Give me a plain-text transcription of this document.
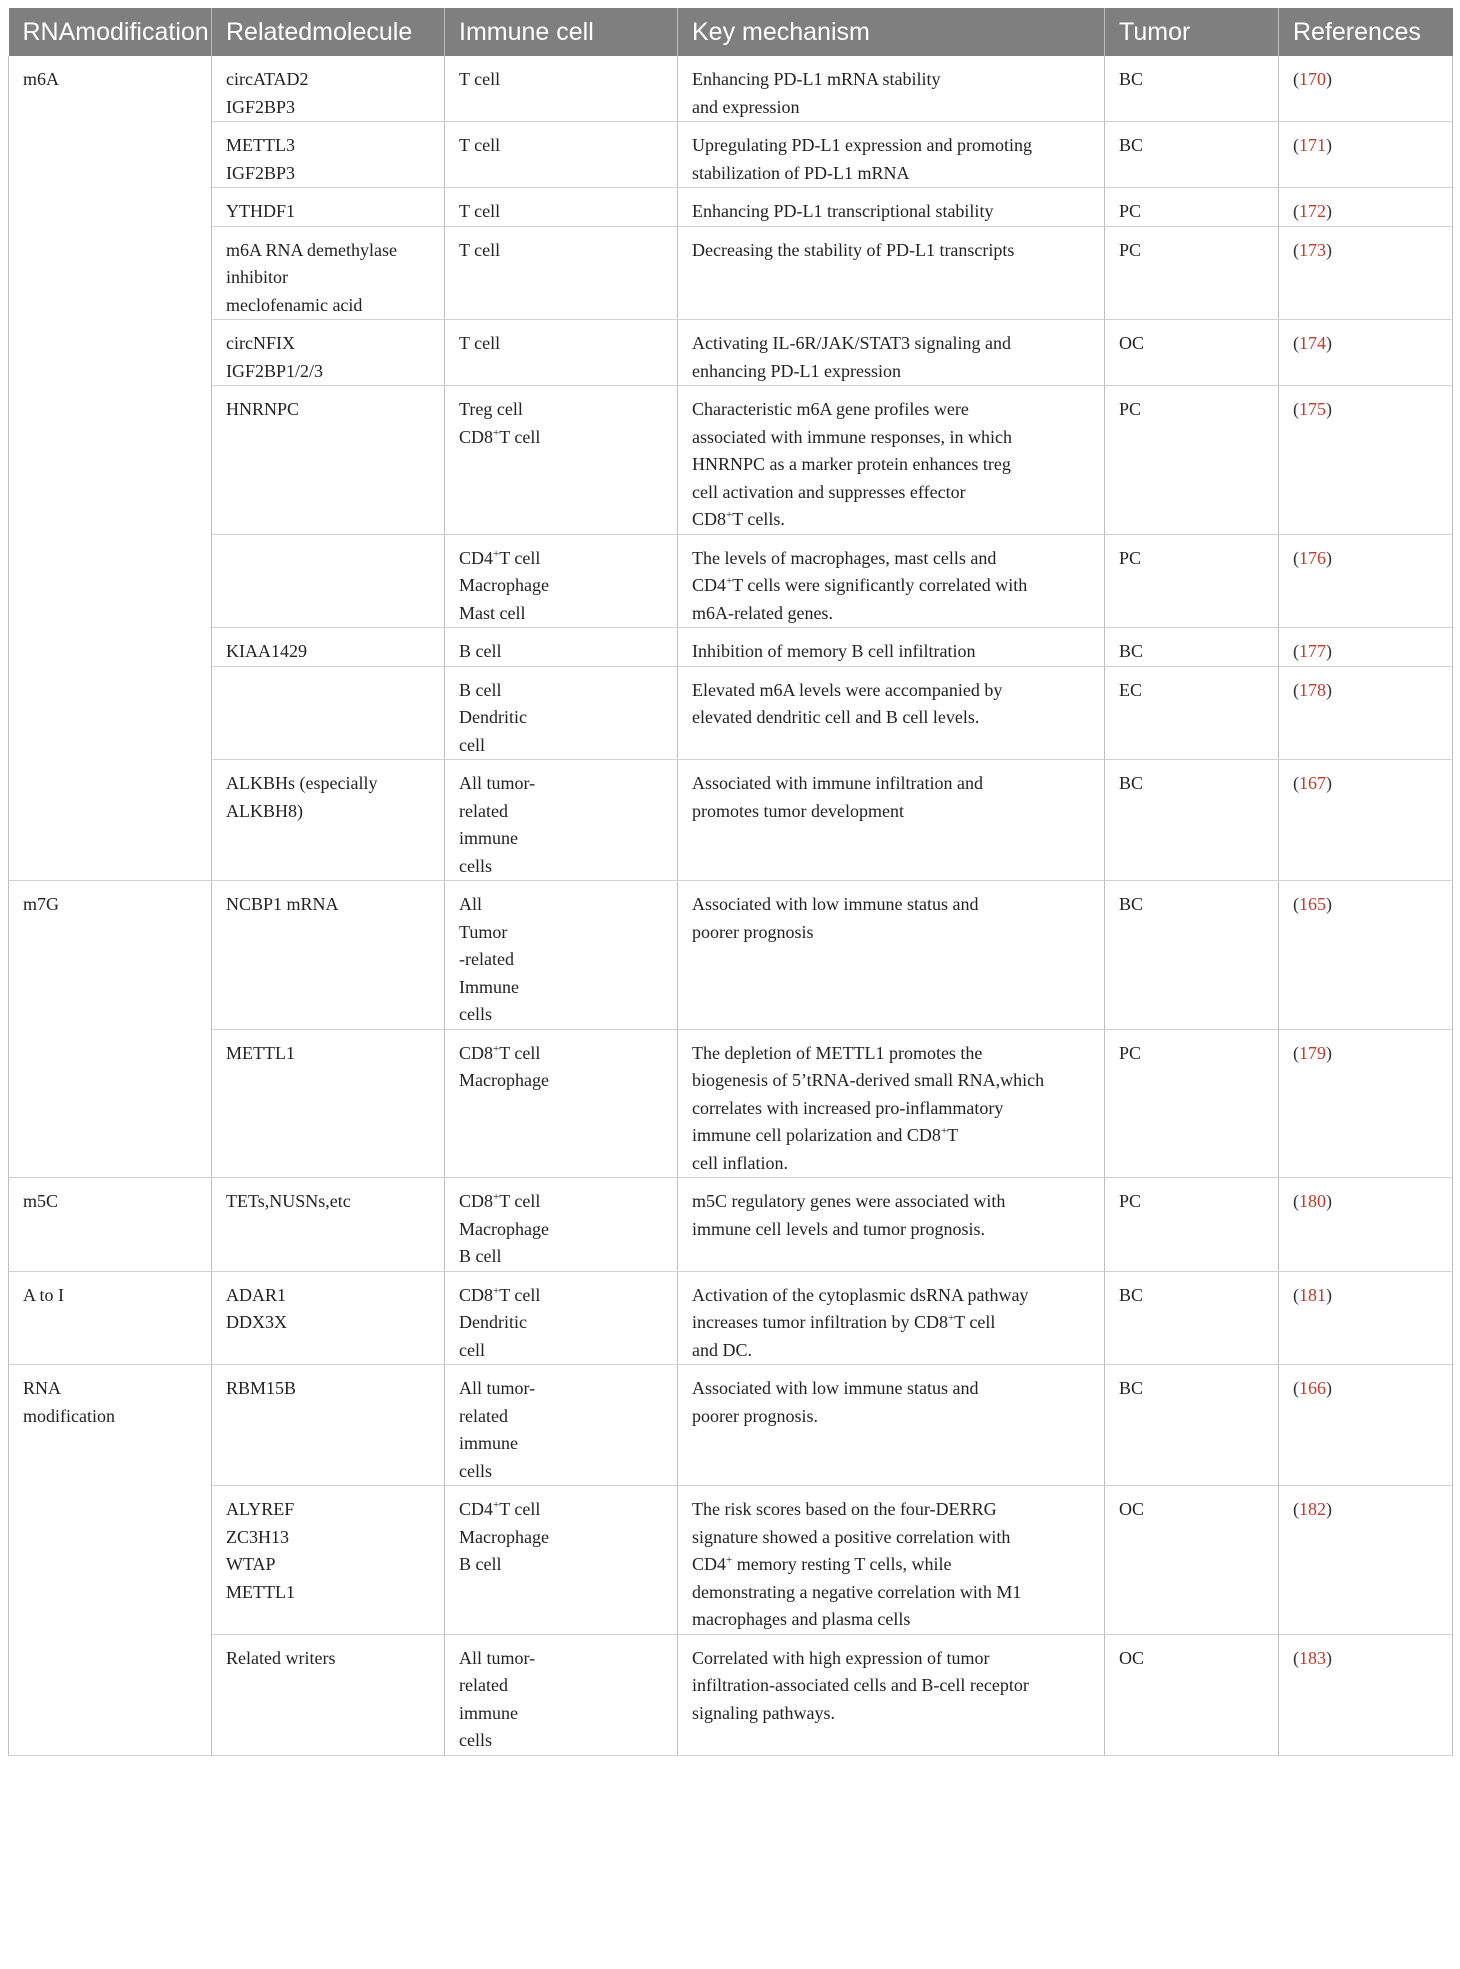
RNAmodification	Relatedmolecule	Immune cell	Key mechanism	Tumor	References

m6A	circATAD2
IGF2BP3	T cell	Enhancing PD-L1 mRNA stability
and expression	BC	(170)

	METTL3
IGF2BP3	T cell	Upregulating PD-L1 expression and promoting
stabilization of PD-L1 mRNA	BC	(171)

	YTHDF1	T cell	Enhancing PD-L1 transcriptional stability	PC	(172)

	m6A RNA demethylase
inhibitor
meclofenamic acid	T cell	Decreasing the stability of PD-L1 transcripts	PC	(173)

	circNFIX
IGF2BP1/2/3	T cell	Activating IL-6R/JAK/STAT3 signaling and
enhancing PD-L1 expression	OC	(174)

	HNRNPC	Treg cell
CD8+T cell	Characteristic m6A gene profiles were
associated with immune responses, in which
HNRNPC as a marker protein enhances treg
cell activation and suppresses effector
CD8+T cells.	PC	(175)

		CD4+T cell
Macrophage
Mast cell	The levels of macrophages, mast cells and
CD4+T cells were significantly correlated with
m6A-related genes.	PC	(176)

	KIAA1429	B cell	Inhibition of memory B cell infiltration	BC	(177)

		B cell
Dendritic
cell	Elevated m6A levels were accompanied by
elevated dendritic cell and B cell levels.	EC	(178)

	ALKBHs (especially
ALKBH8)	All tumor-
related
immune
cells	Associated with immune infiltration and
promotes tumor development	BC	(167)

m7G	NCBP1 mRNA	All
Tumor
-related
Immune
cells	Associated with low immune status and
poorer prognosis	BC	(165)

	METTL1	CD8+T cell
Macrophage	The depletion of METTL1 promotes the
biogenesis of 5’tRNA-derived small RNA,which
correlates with increased pro-inflammatory
immune cell polarization and CD8+T
cell inflation.	PC	(179)

m5C	TETs,NUSNs,etc	CD8+T cell
Macrophage
B cell	m5C regulatory genes were associated with
immune cell levels and tumor prognosis.	PC	(180)

A to I	ADAR1
DDX3X	CD8+T cell
Dendritic
cell	Activation of the cytoplasmic dsRNA pathway
increases tumor infiltration by CD8+T cell
and DC.	BC	(181)

RNA
modification	RBM15B	All tumor-
related
immune
cells	Associated with low immune status and
poorer prognosis.	BC	(166)

	ALYREF
ZC3H13
WTAP
METTL1	CD4+T cell
Macrophage
B cell	The risk scores based on the four-DERRG
signature showed a positive correlation with
CD4+ memory resting T cells, while
demonstrating a negative correlation with M1
macrophages and plasma cells	OC	(182)

	Related writers	All tumor-
related
immune
cells	Correlated with high expression of tumor
infiltration-associated cells and B-cell receptor
signaling pathways.	OC	(183)
